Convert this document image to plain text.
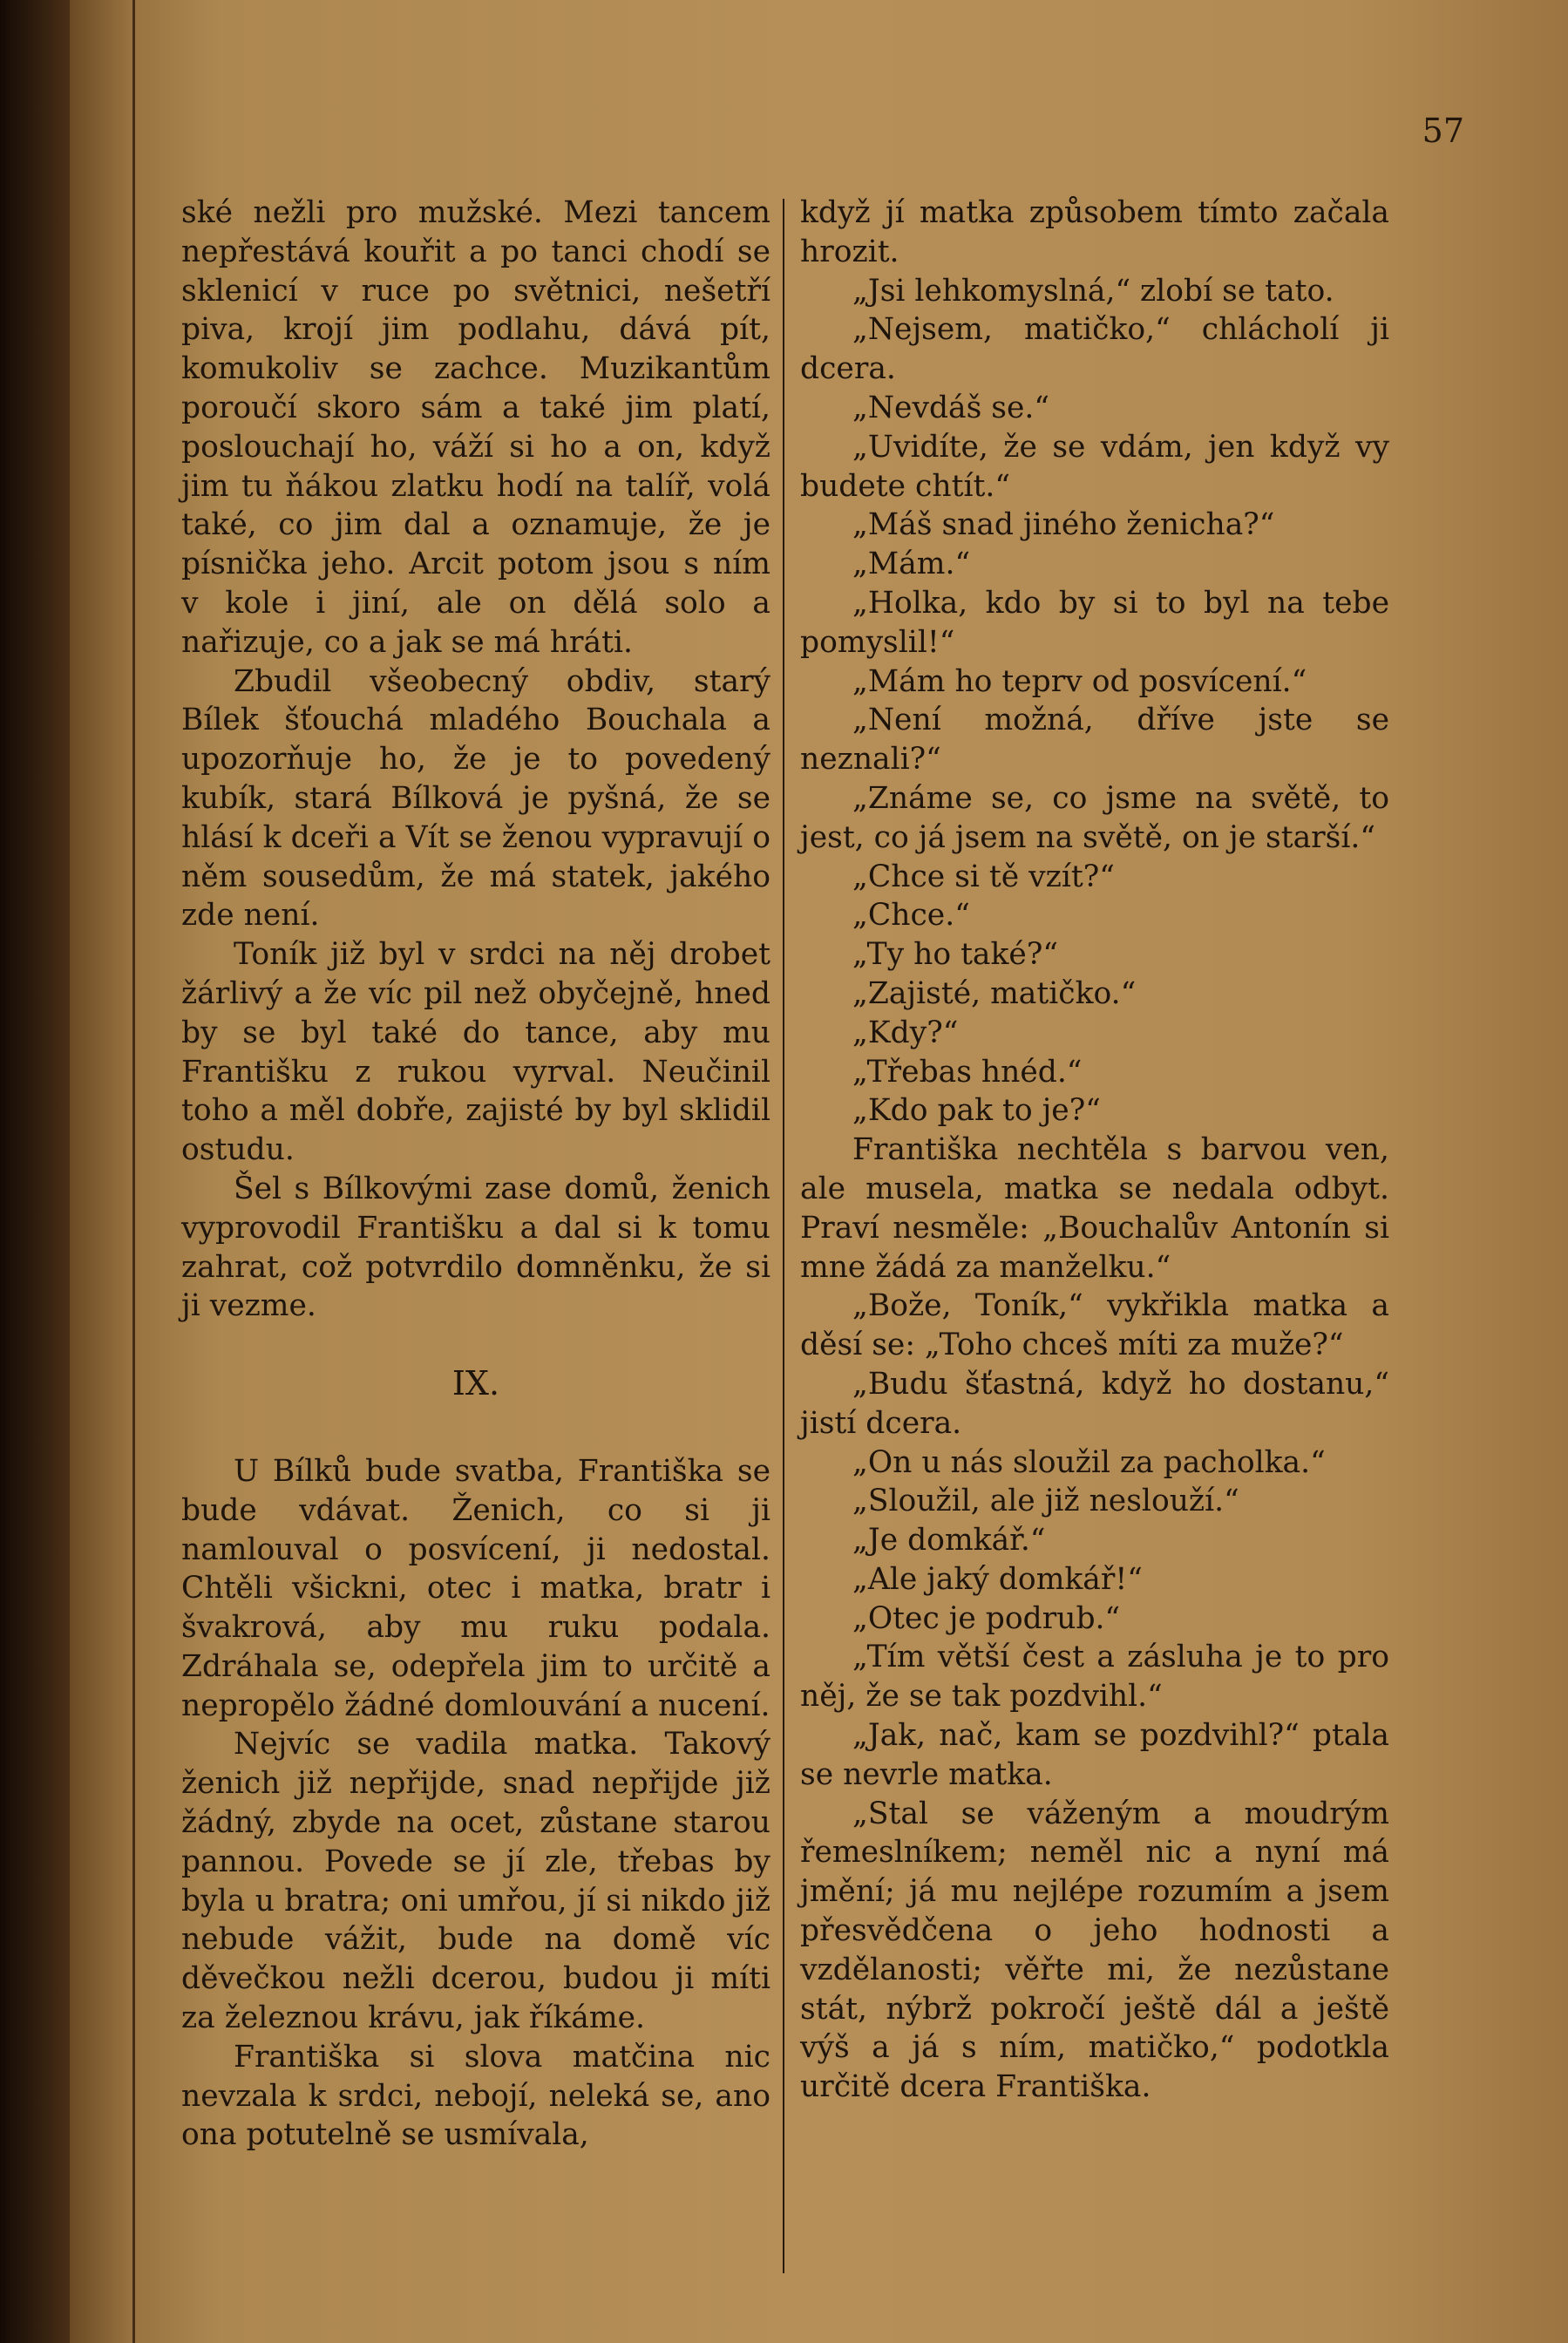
57

ské nežli pro mužské. Mezi tancem nepřestává kouřit a po tanci chodí se sklenicí v ruce po světnici, nešetří piva, krojí jim podlahu, dává pít, komukoliv se zachce. Muzikantům poroučí skoro sám a také jim platí, poslouchají ho, váží si ho a on, když jim tu ňákou zlatku hodí na talíř, volá také, co jim dal a oznamuje, že je písnička jeho. Arcit potom jsou s ním v kole i jiní, ale on dělá solo a nařizuje, co a jak se má hráti.

Zbudil všeobecný obdiv, starý Bílek šťouchá mladého Bouchala a upozorňuje ho, že je to povedený kubík, stará Bílková je pyšná, že se hlásí k dceři a Vít se ženou vypravují o něm sousedům, že má statek, jakého zde není.

Toník již byl v srdci na něj drobet žárlivý a že víc pil než obyčejně, hned by se byl také do tance, aby mu Františku z rukou vyrval. Neučinil toho a měl dobře, zajisté by byl sklidil ostudu.

Šel s Bílkovými zase domů, ženich vyprovodil Františku a dal si k tomu zahrat, což potvrdilo domněnku, že si ji vezme.

IX.

U Bílků bude svatba, Františka se bude vdávat. Ženich, co si ji namlouval o posvícení, ji nedostal. Chtěli všickni, otec i matka, bratr i švakrová, aby mu ruku podala. Zdráhala se, odepřela jim to určitě a nepropělo žádné domlouvání a nucení.

Nejvíc se vadila matka. Takový ženich již nepřijde, snad nepřijde již žádný, zbyde na ocet, zůstane starou pannou. Povede se jí zle, třebas by byla u bratra; oni umřou, jí si nikdo již nebude vážit, bude na domě víc děvečkou nežli dcerou, budou ji míti za železnou krávu, jak říkáme.

Františka si slova matčina nic nevzala k srdci, nebojí, neleká se, ano ona potutelně se usmívala,

když jí matka způsobem tímto začala hrozit.

„Jsi lehkomyslná,“ zlobí se tato.

„Nejsem, matičko,“ chlácholí ji dcera.

„Nevdáš se.“

„Uvidíte, že se vdám, jen když vy budete chtít.“

„Máš snad jiného ženicha?“

„Mám.“

„Holka, kdo by si to byl na tebe pomyslil!“

„Mám ho teprv od posvícení.“

„Není možná, dříve jste se neznali?“

„Známe se, co jsme na světě, to jest, co já jsem na světě, on je starší.“

„Chce si tě vzít?“

„Chce.“

„Ty ho také?“

„Zajisté, matičko.“

„Kdy?“

„Třebas hnéd.“

„Kdo pak to je?“

Františka nechtěla s barvou ven, ale musela, matka se nedala odbyt. Praví nesměle: „Bouchalův Antonín si mne žádá za manželku.“

„Bože, Toník,“ vykřikla matka a děsí se: „Toho chceš míti za muže?“

„Budu šťastná, když ho dostanu,“ jistí dcera.

„On u nás sloužil za pacholka.“

„Sloužil, ale již neslouží.“

„Je domkář.“

„Ale jaký domkář!“

„Otec je podrub.“

„Tím větší čest a zásluha je to pro něj, že se tak pozdvihl.“

„Jak, nač, kam se pozdvihl?“ ptala se nevrle matka.

„Stal se váženým a moudrým řemeslníkem; neměl nic a nyní má jmění; já mu nejlépe rozumím a jsem přesvědčena o jeho hodnosti a vzdělanosti; věřte mi, že nezůstane stát, nýbrž pokročí ještě dál a ještě výš a já s ním, matičko,“ podotkla určitě dcera Františka.
